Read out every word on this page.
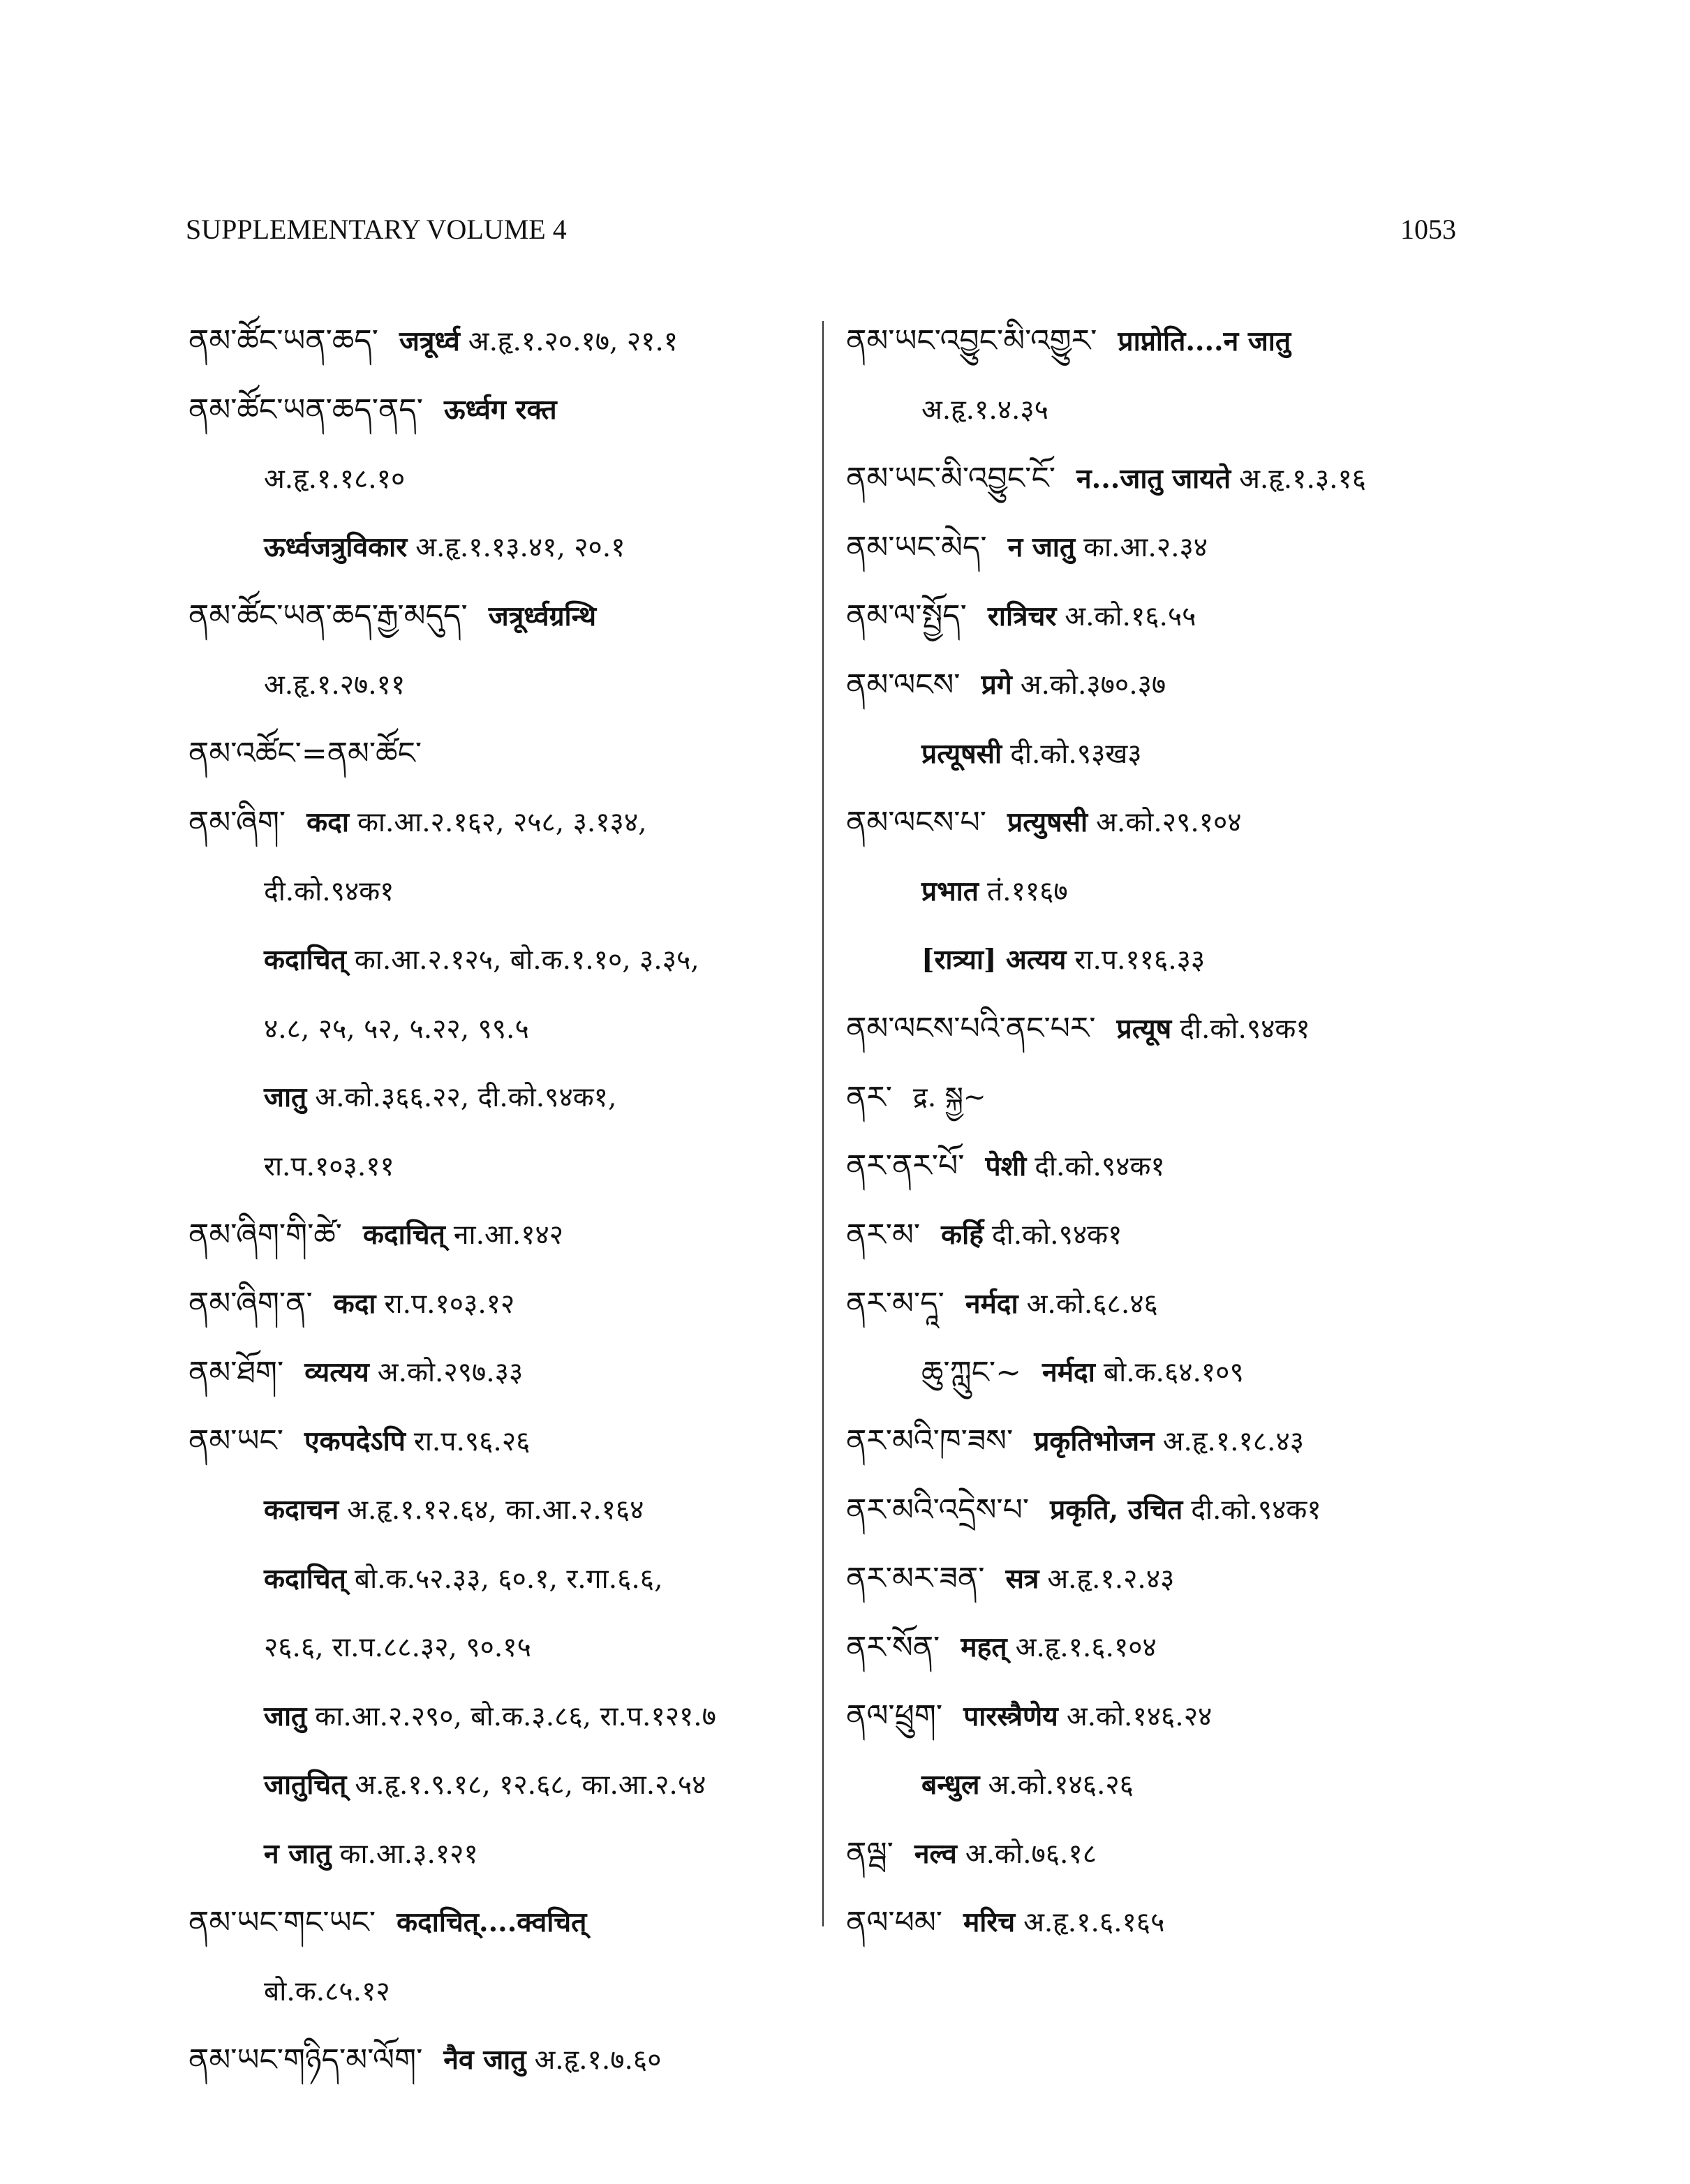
SUPPLEMENTARY VOLUME 4	1053
ནམ་ཚོང་ཡན་ཆད་ जत्रूर्ध्व अ.हृ.१.२०.१७, २१.१
ནམ་ཚོང་ཡན་ཆད་ནད་ ऊर्ध्वग रक्त
अ.हृ.१.१८.१०
ऊर्ध्वजत्रुविकार अ.हृ.१.१३.४१, २०.१
ནམ་ཚོང་ཡན་ཆད་རྒྱ་མདུད་ जत्रूर्ध्वग्रन्थि
अ.हृ.१.२७.११
ནམ་འཚོང་=ནམ་ཚོང་
ནམ་ཞིག་ कदा का.आ.२.१६२, २५८, ३.१३४,
दी.को.९४क१
कदाचित् का.आ.२.१२५, बो.क.१.१०, ३.३५,
४.८, २५, ५२, ५.२२, ९९.५
जातु अ.को.३६६.२२, दी.को.९४क१,
रा.प.१०३.११
ནམ་ཞིག་གི་ཚེ་ कदाचित् ना.आ.१४२
ནམ་ཞིག་ན་ कदा रा.प.१०३.१२
ནམ་ཐོག་ व्यत्यय अ.को.२९७.३३
ནམ་ཡང་ एकपदेऽपि रा.प.९६.२६
कदाचन अ.हृ.१.१२.६४, का.आ.२.१६४
कदाचित् बो.क.५२.३३, ६०.१, र.गा.६.६,
२६.६, रा.प.८८.३२, ९०.१५
जातु का.आ.२.२९०, बो.क.३.८६, रा.प.१२१.७
जातुचित् अ.हृ.१.९.१८, १२.६८, का.आ.२.५४
न जातु का.आ.३.१२१
ནམ་ཡང་གང་ཡང་ कदाचित्....क्वचित्
बो.क.८५.१२
ནམ་ཡང་གཉིད་མ་ལོག་ नैव जातु अ.हृ.१.७.६०
ནམ་ཡང་འབྱུང་མི་འགྱུར་ प्राप्नोति....न जातु
अ.हृ.१.४.३५
ནམ་ཡང་མི་འབྱུང་ངོ་ न...जातु जायते अ.हृ.१.३.१६
ནམ་ཡང་མེད་ न जातु का.आ.२.३४
ནམ་ལ་སྤྱོད་ रात्रिचर अ.को.१६.५५
ནམ་ལངས་ प्रगे अ.को.३७०.३७
प्रत्यूषसी दी.को.९३ख३
ནམ་ལངས་པ་ प्रत्युषसी अ.को.२९.१०४
प्रभात तं.११६७
[रात्र्या] अत्यय रा.प.११६.३३
ནམ་ལངས་པའི་ནང་པར་ प्रत्यूष दी.को.९४क१
ནར་ द्र. སྐྱ~
ནར་ནར་པོ་ पेशी दी.को.९४क१
ནར་མ་ कर्हि दी.को.९४क१
ནར་མ་དཱ་ नर्मदा अ.को.६८.४६
ཆུ་ཀླུང་~ नर्मदा बो.क.६४.१०९
ནར་མའི་ཁ་ཟས་ प्रकृतिभोजन अ.हृ.१.१८.४३
ནར་མའི་འདྲེས་པ་ प्रकृति, उचित दी.को.९४क१
ནར་མར་ཟན་ सत्र अ.हृ.१.२.४३
ནར་སོན་ महत् अ.हृ.१.६.१०४
ནལ་ཕྲུག་ पारस्त्रैणेय अ.को.१४६.२४
बन्धुल अ.को.१४६.२६
ནལྦ་ नल्व अ.को.७६.१८
ནལ་ཕམ་ मरिच अ.हृ.१.६.१६५
